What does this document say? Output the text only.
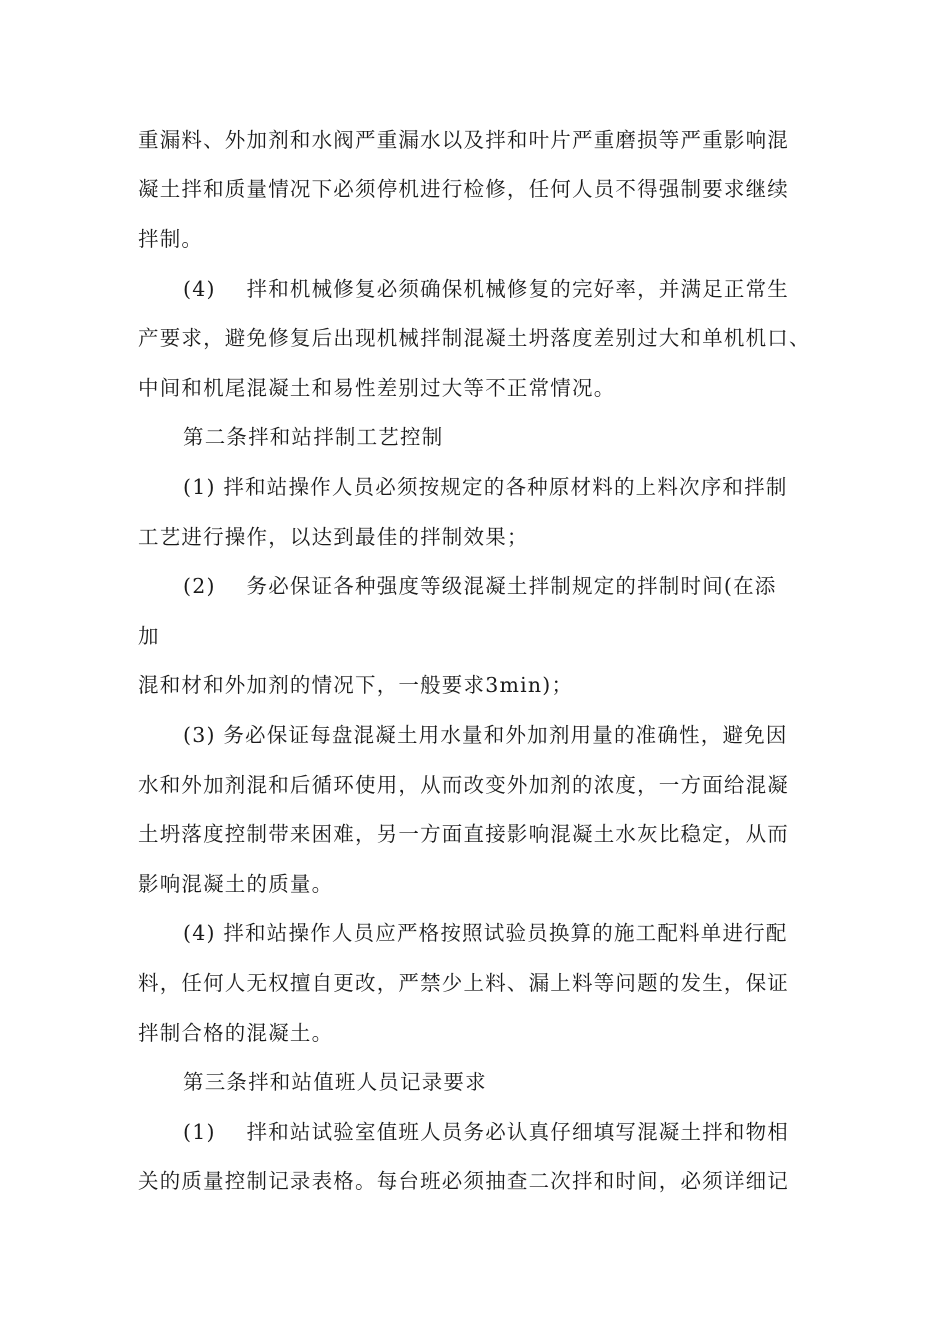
重漏料、外加剂和水阀严重漏水以及拌和叶片严重磨损等严重影响混
凝土拌和质量情况下必须停机进行检修，任何人员不得强制要求继续
拌制。
(4)    拌和机械修复必须确保机械修复的完好率，并满足正常生
产要求，避免修复后出现机械拌制混凝土坍落度差别过大和单机机口、
中间和机尾混凝土和易性差别过大等不正常情况。
第二条拌和站拌制工艺控制
(1) 拌和站操作人员必须按规定的各种原材料的上料次序和拌制
工艺进行操作，以达到最佳的拌制效果；
(2)    务必保证各种强度等级混凝土拌制规定的拌制时间(在添
加
混和材和外加剂的情况下，一般要求3min)；
(3) 务必保证每盘混凝土用水量和外加剂用量的准确性，避免因
水和外加剂混和后循环使用，从而改变外加剂的浓度，一方面给混凝
土坍落度控制带来困难，另一方面直接影响混凝土水灰比稳定，从而
影响混凝土的质量。
(4) 拌和站操作人员应严格按照试验员换算的施工配料单进行配
料，任何人无权擅自更改，严禁少上料、漏上料等问题的发生，保证
拌制合格的混凝土。
第三条拌和站值班人员记录要求
(1)    拌和站试验室值班人员务必认真仔细填写混凝土拌和物相
关的质量控制记录表格。每台班必须抽查二次拌和时间，必须详细记
